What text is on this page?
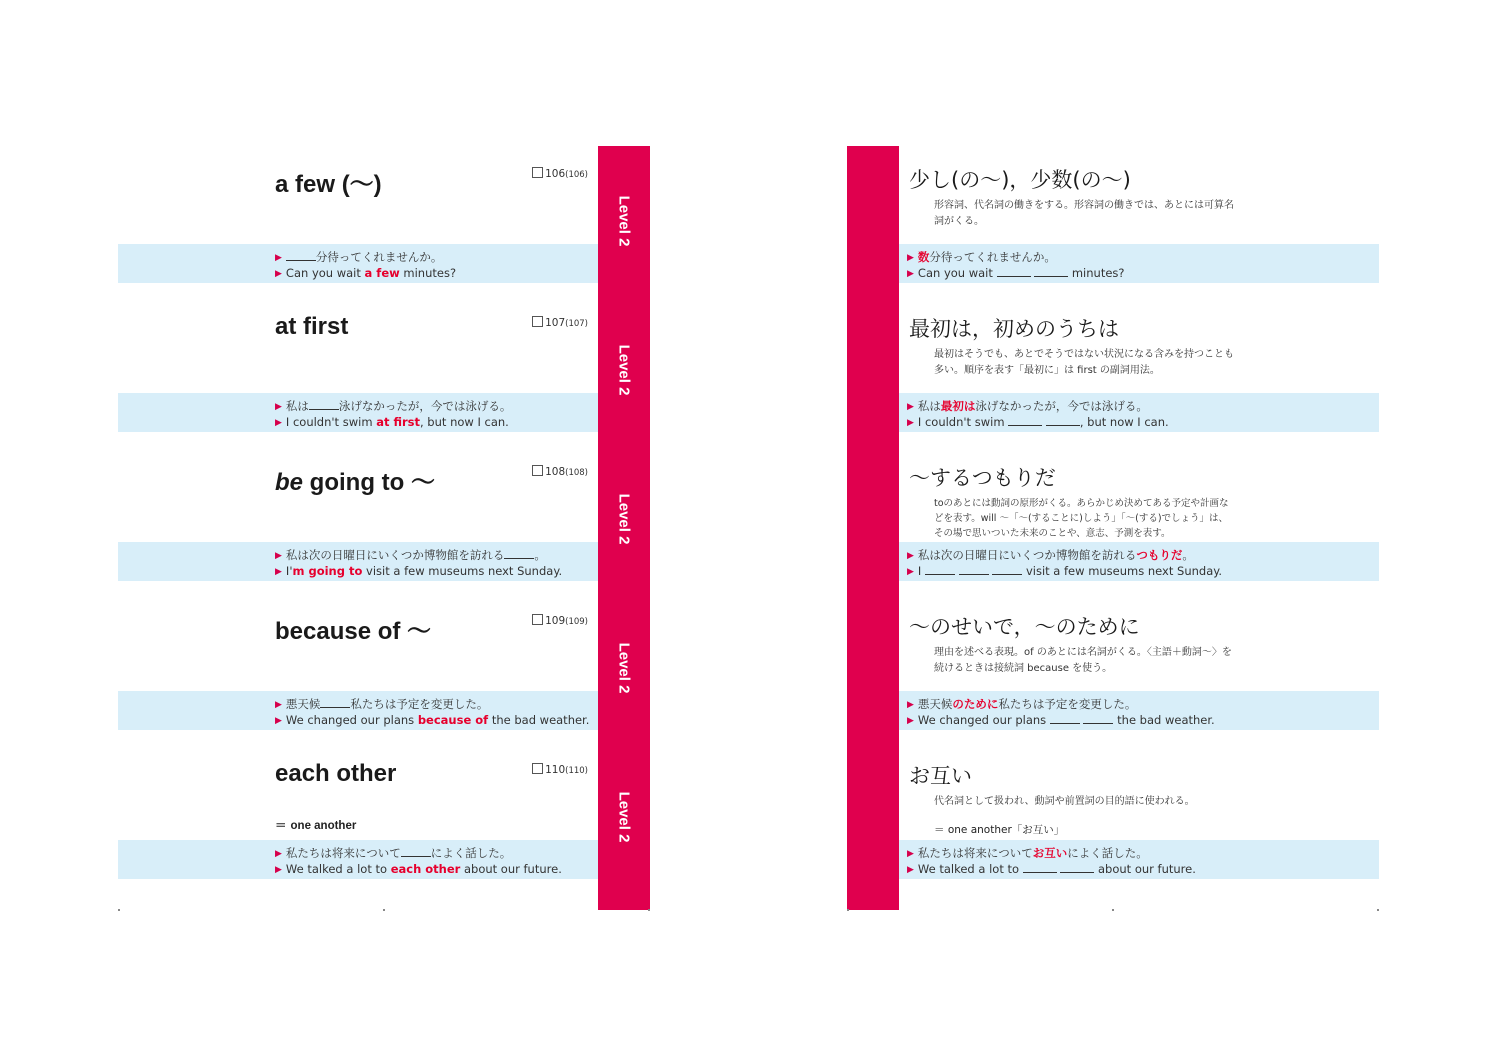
Level 2
Level 2
Level 2
Level 2
Level 2
a few (〜)	106(106)
▶	分待ってくれませんか。
▶ Can you wait a few minutes?
at first	107(107)
▶ 私は	泳げなかったが，今では泳げる。
▶ I couldn't swim at first, but now I can.
be going to 〜	108(108)
▶ 私は次の日曜日にいくつか博物館を訪れる	。
▶ I'm going to visit a few museums next Sunday.
because of 〜	109(109)
▶ 悪天候	私たちは予定を変更した。
▶ We changed our plans because of the bad weather.
each other	110(110)
＝ one another
▶ 私たちは将来について	によく話した。
▶ We talked a lot to each other about our future.
少し(の〜)，少数(の〜)
形容詞、代名詞の働きをする。形容詞の働きでは、あとには可算名詞がくる。
▶ 数分待ってくれませんか。
▶ Can you wait	minutes?
最初は，初めのうちは
最初はそうでも、あとでそうではない状況になる含みを持つことも多い。順序を表す「最初に」は first の副詞用法。
▶ 私は最初は泳げなかったが，今では泳げる。
▶ I couldn't swim	, but now I can.
〜するつもりだ
toのあとには動詞の原形がくる。あらかじめ決めてある予定や計画などを表す。will 〜「〜(することに)しよう」「〜(する)でしょう」は、その場で思いついた未来のことや、意志、予測を表す。
▶ 私は次の日曜日にいくつか博物館を訪れるつもりだ。
▶ I	visit a few museums next Sunday.
〜のせいで，〜のために
理由を述べる表現。of のあとには名詞がくる。〈主語＋動詞〜〉を続けるときは接続詞 because を使う。
▶ 悪天候のために私たちは予定を変更した。
▶ We changed our plans	the bad weather.
お互い
代名詞として扱われ、動詞や前置詞の目的語に使われる。
＝ one another「お互い」
▶ 私たちは将来についてお互いによく話した。
▶ We talked a lot to	about our future.
